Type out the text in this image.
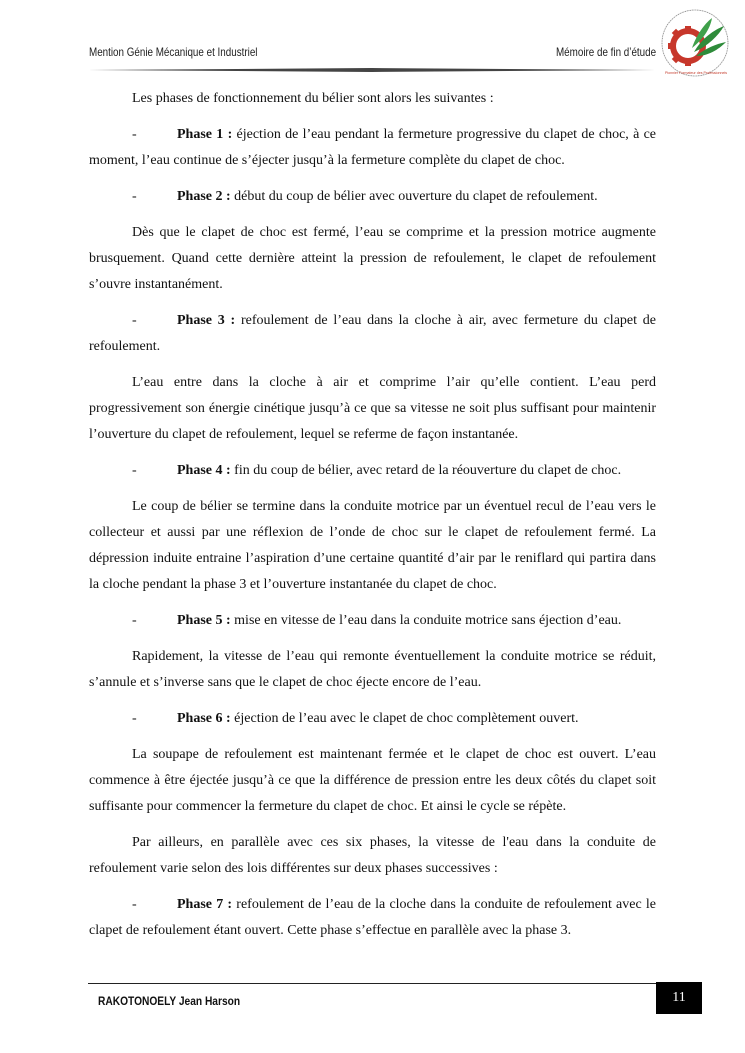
Mention Génie Mécanique et Industriel	Mémoire de fin d’étude
Pionnier Formateur des Professionnels

Les phases de fonctionnement du bélier sont alors les suivantes :

-	Phase 1 : éjection de l’eau pendant la fermeture progressive du clapet de choc, à ce moment, l’eau continue de s’éjecter jusqu’à la fermeture complète du clapet de choc.

-	Phase 2 : début du coup de bélier avec ouverture du clapet de refoulement.

Dès que le clapet de choc est fermé, l’eau se comprime et la pression motrice augmente brusquement. Quand cette dernière atteint la pression de refoulement, le clapet de refoulement s’ouvre instantanément.

-	Phase 3 : refoulement de l’eau dans la cloche à air, avec fermeture du clapet de refoulement.

L’eau entre dans la cloche à air et comprime l’air qu’elle contient. L’eau perd progressivement son énergie cinétique jusqu’à ce que sa vitesse ne soit plus suffisant pour maintenir l’ouverture du clapet de refoulement, lequel se referme de façon instantanée.

-	Phase 4 : fin du coup de bélier, avec retard de la réouverture du clapet de choc.

Le coup de bélier se termine dans la conduite motrice par un éventuel recul de l’eau vers le collecteur et aussi par une réflexion de l’onde de choc sur le clapet de refoulement fermé. La dépression induite entraine l’aspiration d’une certaine quantité d’air par le reniflard qui partira dans la cloche pendant la phase 3 et l’ouverture instantanée du clapet de choc.

-	Phase 5 : mise en vitesse de l’eau dans la conduite motrice sans éjection d’eau.

Rapidement, la vitesse de l’eau qui remonte éventuellement la conduite motrice se réduit, s’annule et s’inverse sans que le clapet de choc éjecte encore de l’eau.

-	Phase 6 : éjection de l’eau avec le clapet de choc complètement ouvert.

La soupape de refoulement est maintenant fermée et le clapet de choc est ouvert. L’eau commence à être éjectée jusqu’à ce que la différence de pression entre les deux côtés du clapet soit suffisante pour commencer la fermeture du clapet de choc. Et ainsi le cycle se répète.

Par ailleurs, en parallèle avec ces six phases, la vitesse de l'eau dans la conduite de refoulement varie selon des lois différentes sur deux phases successives :

-	Phase 7 : refoulement de l’eau de la cloche dans la conduite de refoulement avec le clapet de refoulement étant ouvert. Cette phase s’effectue en parallèle avec la phase 3.

RAKOTONOELY Jean Harson	11
